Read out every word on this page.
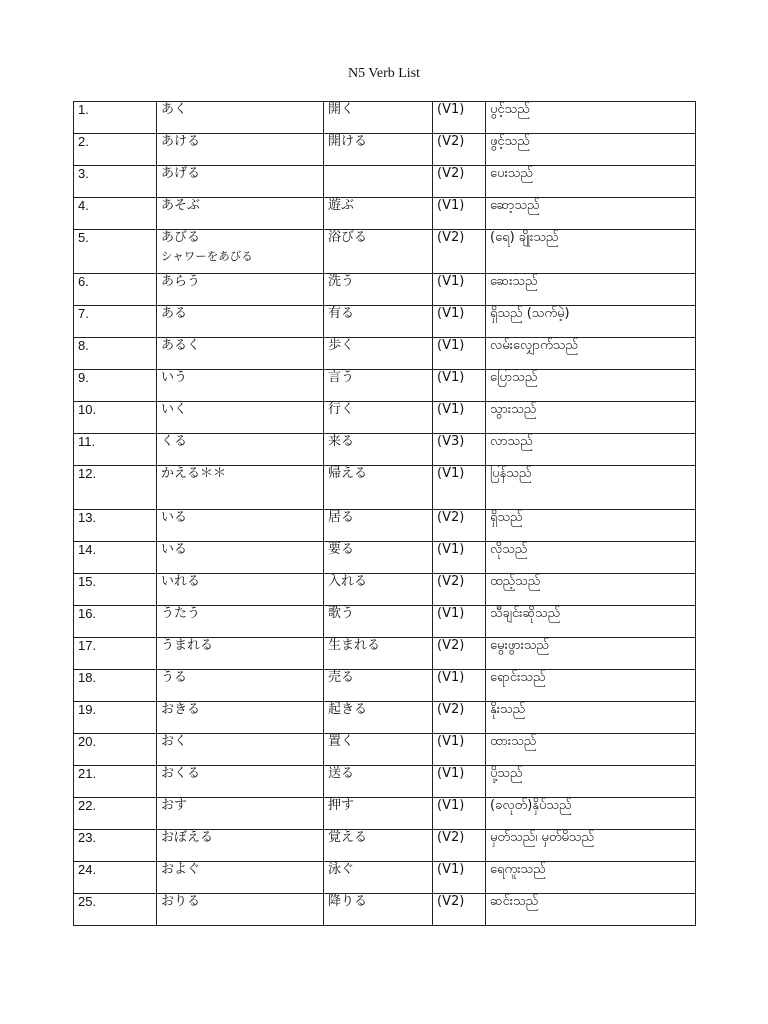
N5 Verb List
1.	あく	開く	(V1)	ပွင့်သည်
2.	あける	開ける	(V2)	ဖွင့်သည်
3.	あげる		(V2)	ပေးသည်
4.	あそぶ	遊ぶ	(V1)	ဆော့သည်
5.	あびる
シャワーをあびる	浴びる	(V2)	(ရေ) ချိုးသည်
6.	あらう	洗う	(V1)	ဆေးသည်
7.	ある	有る	(V1)	ရှိသည် (သက်မဲ့)
8.	あるく	歩く	(V1)	လမ်းလျှောက်သည်
9.	いう	言う	(V1)	ပြောသည်
10.	いく	行く	(V1)	သွားသည်
11.	くる	来る	(V3)	လာသည်
12.	かえる＊＊	帰える	(V1)	ပြန်သည်
13.	いる	居る	(V2)	ရှိသည်
14.	いる	要る	(V1)	လိုသည်
15.	いれる	入れる	(V2)	ထည့်သည်
16.	うたう	歌う	(V1)	သီချင်းဆိုသည်
17.	うまれる	生まれる	(V2)	မွေးဖွားသည်
18.	うる	売る	(V1)	ရောင်းသည်
19.	おきる	起きる	(V2)	နိုးသည်
20.	おく	置く	(V1)	ထားသည်
21.	おくる	送る	(V1)	ပို့သည်
22.	おす	押す	(V1)	(ခလုတ်)နှိပ်သည်
23.	おぼえる	覚える	(V2)	မှတ်သည်၊ မှတ်မိသည်
24.	およぐ	泳ぐ	(V1)	ရေကူးသည်
25.	おりる	降りる	(V2)	ဆင်းသည်
